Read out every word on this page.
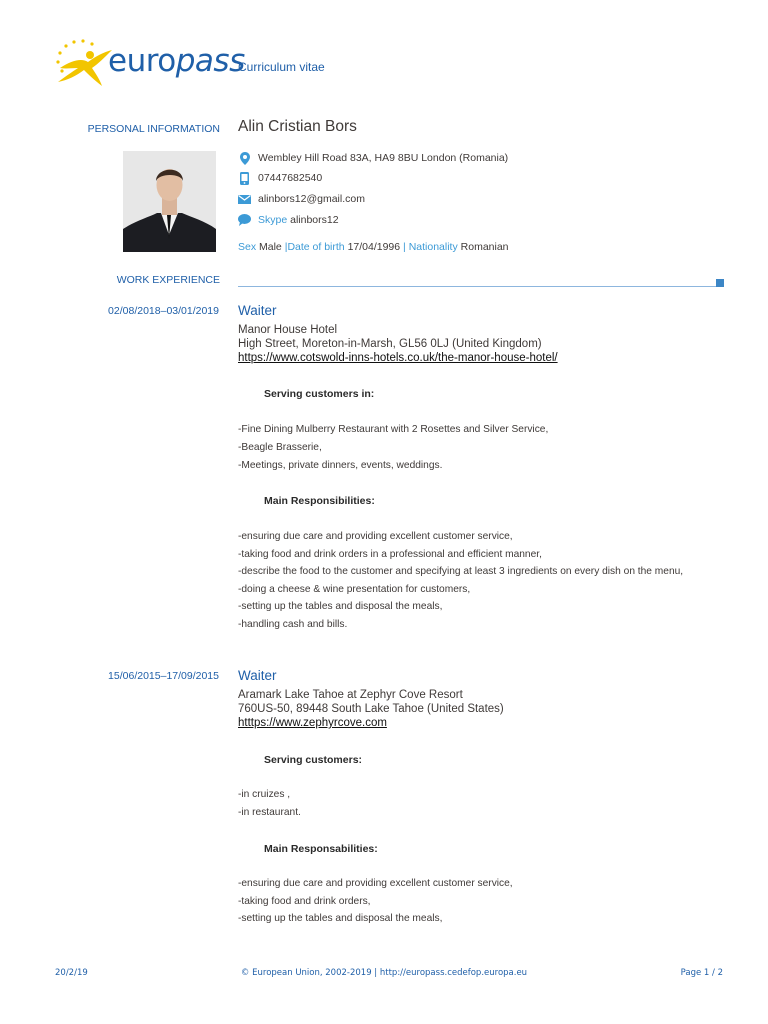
europass
Curriculum vitae
PERSONAL INFORMATION Alin Cristian Bors
Wembley Hill Road 83A, HA9 8BU London (Romania)
07447682540
alinbors12@gmail.com
Skype
alinbors12
Sex Male |Date of birth 17/04/1996 | Nationality Romanian
WORK EXPERIENCE
02/08/2018–03/01/2019 Waiter
Manor House Hotel
High Street, Moreton-in-Marsh, GL56 0LJ (United Kingdom)
https://www.cotswold-inns-hotels.co.uk/the-manor-house-hotel/
Serving customers in:
-Fine Dining Mulberry Restaurant with 2 Rosettes and Silver Service,
-Beagle Brasserie,
-Meetings, private dinners, events, weddings.
Main Responsibilities:
-ensuring due care and providing excellent customer service,
-taking food and drink orders in a professional and efficient manner,
-describe the food to the customer and specifying at least 3 ingredients on every dish on the menu,
-doing a cheese & wine presentation for customers,
-setting up the tables and disposal the meals,
-handling cash and bills.
15/06/2015–17/09/2015 Waiter
Aramark Lake Tahoe at Zephyr Cove Resort
760US-50, 89448 South Lake Tahoe (United States)
htttps://www.zephyrcove.com
Serving customers:
-in cruizes ,
-in restaurant.
Main Responsabilities:
-ensuring due care and providing excellent customer service,
-taking food and drink orders,
-setting up the tables and disposal the meals,
20/2/19	© European Union, 2002-2019 | http://europass.cedefop.europa.eu	Page 1 / 2
